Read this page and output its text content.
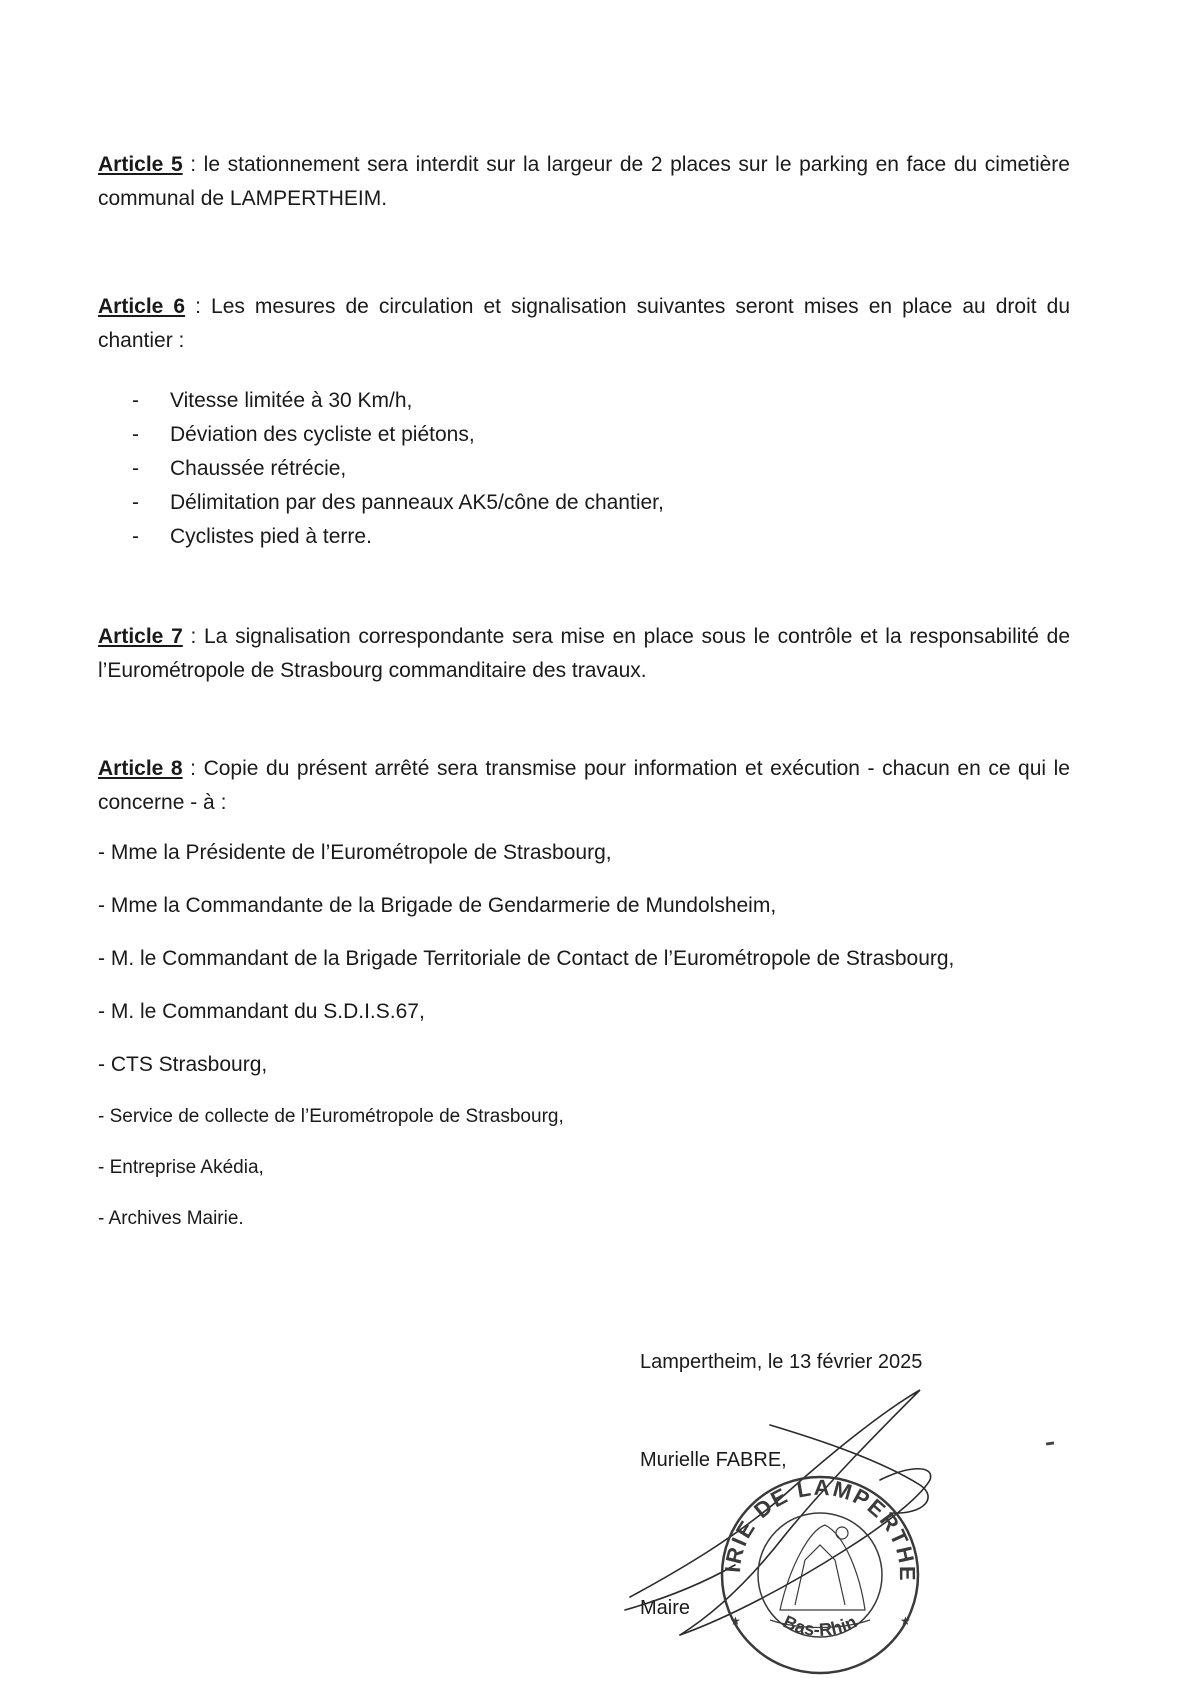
Article 5 : le stationnement sera interdit sur la largeur de 2 places sur le parking en face du cimetière communal de LAMPERTHEIM.

Article 6 : Les mesures de circulation et signalisation suivantes seront mises en place au droit du chantier :

- Vitesse limitée à 30 Km/h,
- Déviation des cycliste et piétons,
- Chaussée rétrécie,
- Délimitation par des panneaux AK5/cône de chantier,
- Cyclistes pied à terre.

Article 7 : La signalisation correspondante sera mise en place sous le contrôle et la responsabilité de l’Eurométropole de Strasbourg commanditaire des travaux.

Article 8 : Copie du présent arrêté sera transmise pour information et exécution - chacun en ce qui le concerne - à :

- Mme la Présidente de l’Eurométropole de Strasbourg,

- Mme la Commandante de la Brigade de Gendarmerie de Mundolsheim,

- M. le Commandant de la Brigade Territoriale de Contact de l’Eurométropole de Strasbourg,

- M. le Commandant du S.D.I.S.67,

- CTS Strasbourg,

- Service de collecte de l’Eurométropole de Strasbourg,

- Entreprise Akédia,

- Archives Mairie.

Lampertheim, le 13 février 2025
Murielle FABRE,
Maire
MAIRIE DE LAMPERTHEIM
Bas-Rhin
★	★
